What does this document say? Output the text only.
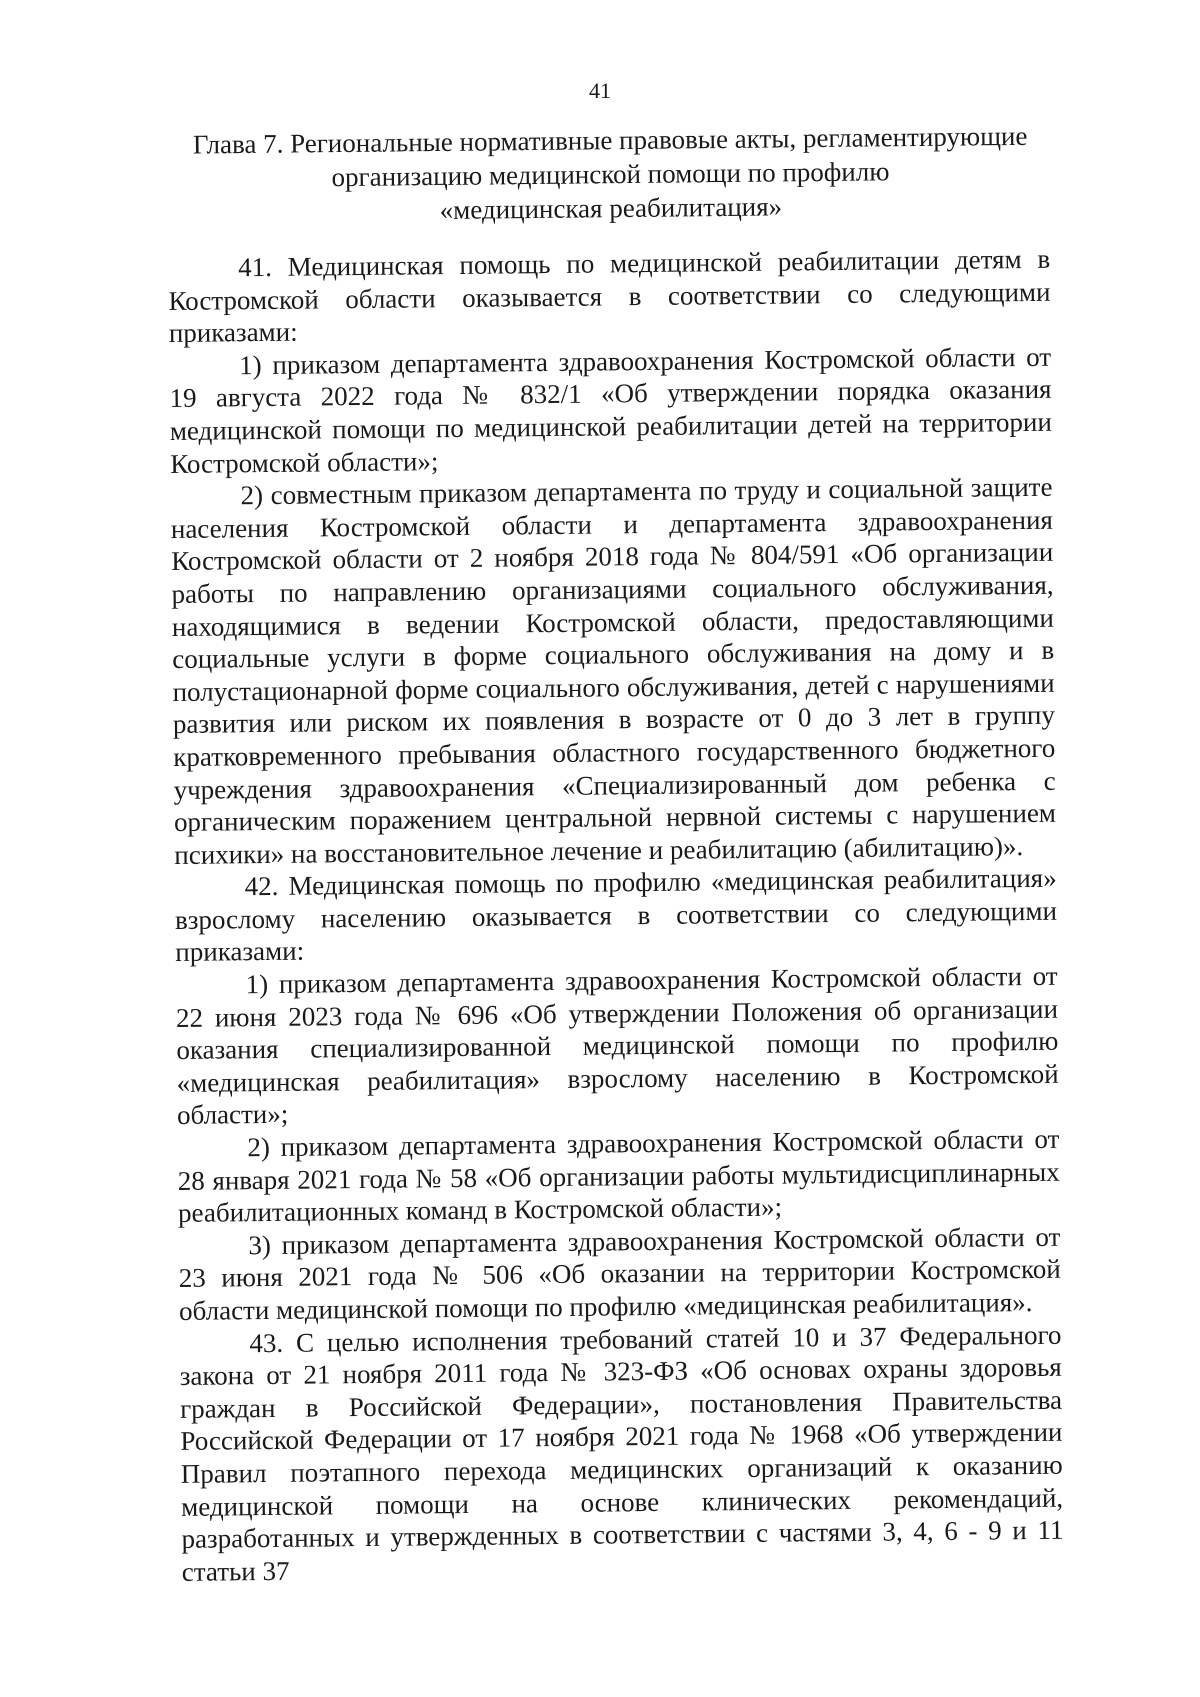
41
Глава 7. Региональные нормативные правовые акты, регламентирующие
организацию медицинской помощи по профилю
«медицинская реабилитация»

41. Медицинская помощь по медицинской реабилитации детям в Костромской области оказывается в соответствии со следующими приказами:

1) приказом департамента здравоохранения Костромской области от 19 августа 2022 года № 832/1 «Об утверждении порядка оказания медицинской помощи по медицинской реабилитации детей на территории Костромской области»;

2) совместным приказом департамента по труду и социальной защите населения Костромской области и департамента здравоохранения Костромской области от 2 ноября 2018 года № 804/591 «Об организации работы по направлению организациями социального обслуживания, находящимися в ведении Костромской области, предоставляющими социальные услуги в форме социального обслуживания на дому и в полустационарной форме социального обслуживания, детей с нарушениями развития или риском их появления в возрасте от 0 до 3 лет в группу кратковременного пребывания областного государственного бюджетного учреждения здравоохранения «Специализированный дом ребенка с органическим поражением центральной нервной системы с нарушением психики» на восстановительное лечение и реабилитацию (абилитацию)».

42. Медицинская помощь по профилю «медицинская реабилитация» взрослому населению оказывается в соответствии со следующими приказами:

1) приказом департамента здравоохранения Костромской области от 22 июня 2023 года № 696 «Об утверждении Положения об организации оказания специализированной медицинской помощи по профилю «медицинская реабилитация» взрослому населению в Костромской области»;

2) приказом департамента здравоохранения Костромской области от 28 января 2021 года № 58 «Об организации работы мультидисциплинарных реабилитационных команд в Костромской области»;

3) приказом департамента здравоохранения Костромской области от 23 июня 2021 года № 506 «Об оказании на территории Костромской области медицинской помощи по профилю «медицинская реабилитация».

43. С целью исполнения требований статей 10 и 37 Федерального закона от 21 ноября 2011 года № 323-ФЗ «Об основах охраны здоровья граждан в Российской Федерации», постановления Правительства Российской Федерации от 17 ноября 2021 года № 1968 «Об утверждении Правил поэтапного перехода медицинских организаций к оказанию медицинской помощи на основе клинических рекомендаций, разработанных и утвержденных в соответствии с частями 3, 4, 6 - 9 и 11 статьи 37
